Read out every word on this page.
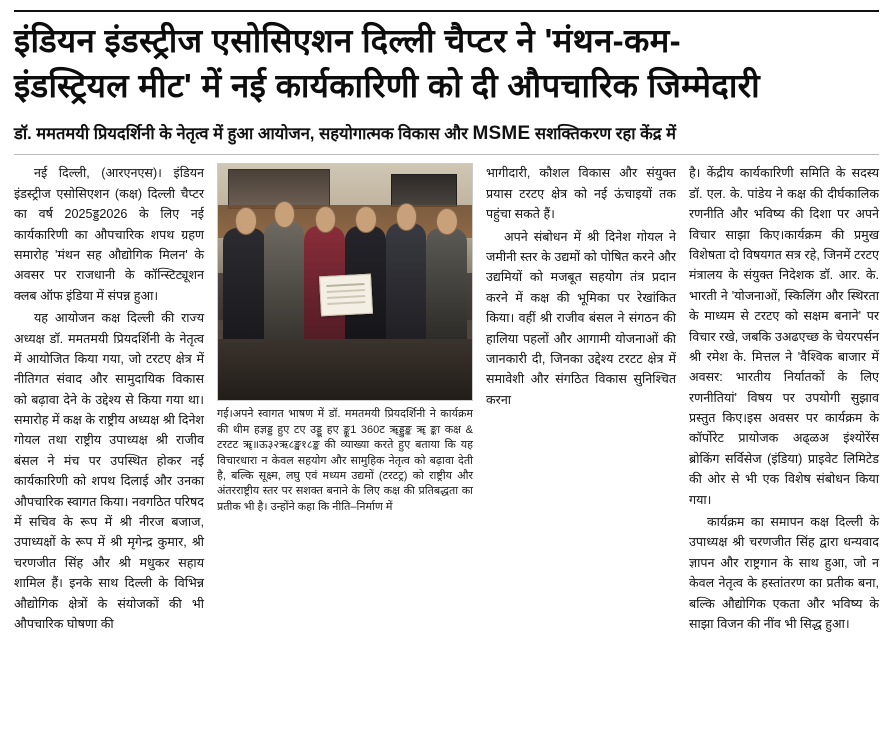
इंडियन इंडस्ट्रीज एसोसिएशन दिल्ली चैप्टर ने 'मंथन-कम-
इंडस्ट्रियल मीट' में नई कार्यकारिणी को दी औपचारिक जिम्मेदारी
डॉ. ममतमयी प्रियदर्शिनी के नेतृत्व में हुआ आयोजन, सहयोगात्मक विकास और MSME सशक्तिकरण रहा केंद्र में

नई दिल्ली, (आरएनएस)। इंडियन इंडस्ट्रीज एसोसिएशन (कक्ष) दिल्ली चैप्टर का वर्ष 2025ड्ड2026 के लिए नई कार्यकारिणी का औपचारिक शपथ ग्रहण समारोह 'मंथन सह औद्योगिक मिलन' के अवसर पर राजधानी के कॉन्स्टिट्यूशन क्लब ऑफ इंडिया में संपन्न हुआ।

यह आयोजन कक्ष दिल्ली की राज्य अध्यक्ष डॉ. ममतमयी प्रियदर्शिनी के नेतृत्व में आयोजित किया गया, जो टरटए क्षेत्र में नीतिगत संवाद और सामुदायिक विकास को बढ़ावा देने के उद्देश्य से किया गया था।समारोह में कक्ष के राष्ट्रीय अध्यक्ष श्री दिनेश गोयल तथा राष्ट्रीय उपाध्यक्ष श्री राजीव बंसल ने मंच पर उपस्थित होकर नई कार्यकारिणी को शपथ दिलाई और उनका औपचारिक स्वागत किया। नवगठित परिषद में सचिव के रूप में श्री नीरज बजाज, उपाध्यक्षों के रूप में श्री मृगेन्द्र कुमार, श्री चरणजीत सिंह और श्री मधुकर सहाय शामिल हैं। इनके साथ दिल्ली के विभिन्न औद्योगिक क्षेत्रों के संयोजकों की भी औपचारिक घोषणा की

गई।अपने स्वागत भाषण में डॉ. ममतमयी प्रियदर्शिनी ने कार्यक्रम की थीम हज्ञड्ड हुए टए उड्डू हए ङ्कू1 360ट ॠड्डुङ्क ॠ ङ्का कक्ष & टरटट ॠ॥ऊ३२ऋ८ङ्ख१८ङ्क की व्याख्या करते हुए बताया कि यह विचारधारा न केवल सहयोग और सामुहिक नेतृत्व को बढ़ावा देती है, बल्कि सूक्ष्म, लघु एवं मध्यम उद्यमों (टरटट्र) को राष्ट्रीय और अंतरराष्ट्रीय स्तर पर सशक्त बनाने के लिए कक्ष की प्रतिबद्धता का प्रतीक भी है। उन्होंने कहा कि नीति–निर्माण में

भागीदारी, कौशल विकास और संयुक्त प्रयास टरटए क्षेत्र को नई ऊंचाइयों तक पहुंचा सकते हैं।

अपने संबोधन में श्री दिनेश गोयल ने जमीनी स्तर के उद्यमों को पोषित करने और उद्यमियों को मजबूत सहयोग तंत्र प्रदान करने में कक्ष की भूमिका पर रेखांकित किया। वहीं श्री राजीव बंसल ने संगठन की हालिया पहलों और आगामी योजनाओं की जानकारी दी, जिनका उद्देश्य टरटट क्षेत्र में समावेशी और संगठित विकास सुनिश्चित करना

है। केंद्रीय कार्यकारिणी समिति के सदस्य डॉ. एल. के. पांडेय ने कक्ष की दीर्घकालिक रणनीति और भविष्य की दिशा पर अपने विचार साझा किए।कार्यक्रम की प्रमुख विशेषता दो विषयगत सत्र रहे, जिनमें टरटए मंत्रालय के संयुक्त निदेशक डॉ. आर. के. भारती ने 'योजनाओं, स्किलिंग और स्थिरता के माध्यम से टरटए को सक्षम बनाने' पर विचार रखे, जबकि उअढएच्छ के चेयरपर्सन श्री रमेश के. मित्तल ने 'वैश्विक बाजार में अवसर: भारतीय निर्यातकों के लिए रणनीतियां' विषय पर उपयोगी सुझाव प्रस्तुत किए।इस अवसर पर कार्यक्रम के कॉर्पोरेट प्रायोजक अढ्ळअ इंश्योरेंस ब्रोकिंग सर्विसेज (इंडिया) प्राइवेट लिमिटेड की ओर से भी एक विशेष संबोधन किया गया।

कार्यक्रम का समापन कक्ष दिल्ली के उपाध्यक्ष श्री चरणजीत सिंह द्वारा धन्यवाद ज्ञापन और राष्ट्रगान के साथ हुआ, जो न केवल नेतृत्व के हस्तांतरण का प्रतीक बना, बल्कि औद्योगिक एकता और भविष्य के साझा विजन की नींव भी सिद्ध हुआ।
